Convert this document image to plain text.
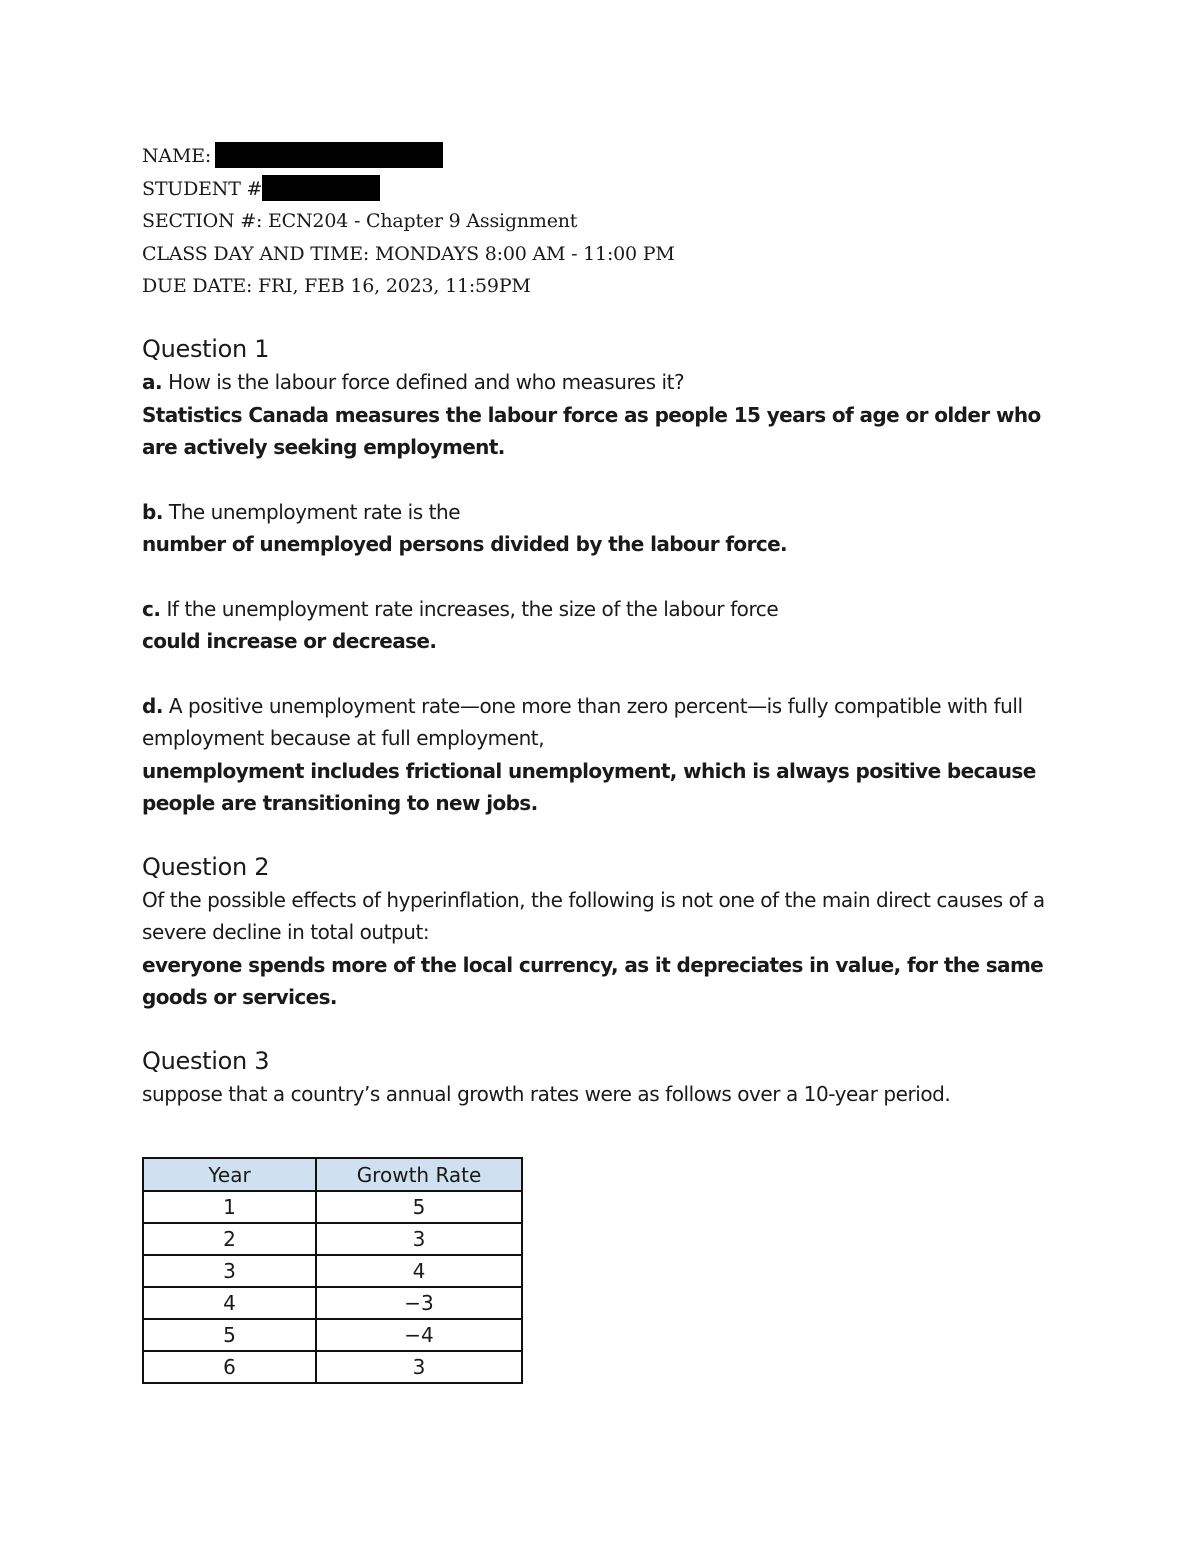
NAME:
STUDENT #
SECTION #: ECN204 - Chapter 9 Assignment
CLASS DAY AND TIME: MONDAYS 8:00 AM - 11:00 PM
DUE DATE: FRI, FEB 16, 2023, 11:59PM
Question 1

a. How is the labour force defined and who measures it?

Statistics Canada measures the labour force as people 15 years of age or older who are actively seeking employment.

b. The unemployment rate is the

number of unemployed persons divided by the labour force.

c. If the unemployment rate increases, the size of the labour force

could increase or decrease.

d. A positive unemployment rate—one more than zero percent—is fully compatible with full employment because at full employment,

unemployment includes frictional unemployment, which is always positive because people are transitioning to new jobs.

Question 2

Of the possible effects of hyperinflation, the following is not one of the main direct causes of a severe decline in total output:

everyone spends more of the local currency, as it depreciates in value, for the same goods or services.

Question 3

suppose that a country’s annual growth rates were as follows over a 10-year period.

Year	Growth Rate
1	5
2	3
3	4
4	−3
5	−4
6	3
